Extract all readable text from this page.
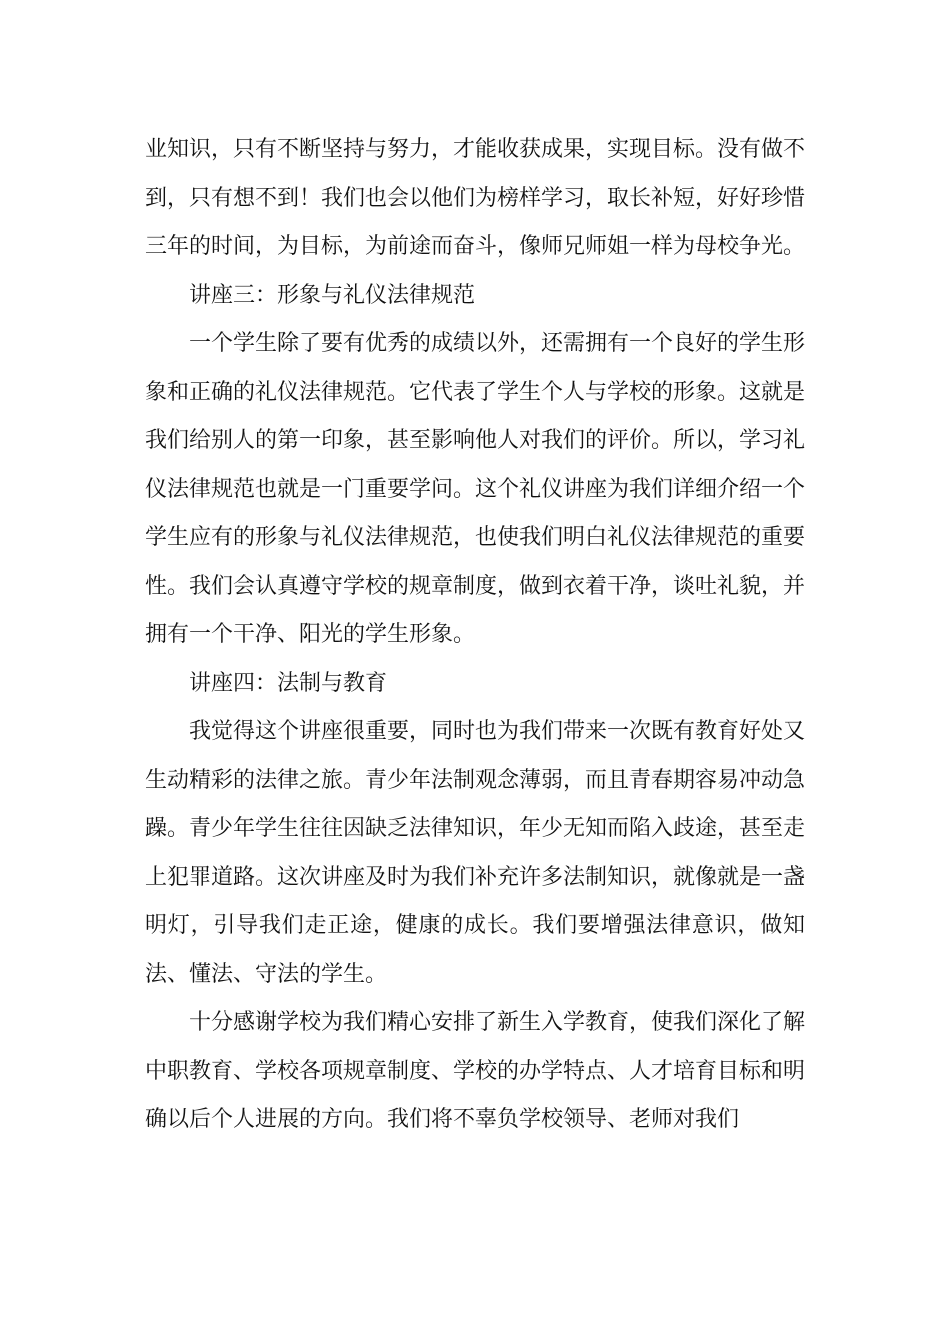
业知识，只有不断坚持与努力，才能收获成果，实现目标。没有做不到，只有想不到！我们也会以他们为榜样学习，取长补短，好好珍惜三年的时间，为目标，为前途而奋斗，像师兄师姐一样为母校争光。

讲座三：形象与礼仪法律规范

一个学生除了要有优秀的成绩以外，还需拥有一个良好的学生形象和正确的礼仪法律规范。它代表了学生个人与学校的形象。这就是我们给别人的第一印象，甚至影响他人对我们的评价。所以，学习礼仪法律规范也就是一门重要学问。这个礼仪讲座为我们详细介绍一个学生应有的形象与礼仪法律规范，也使我们明白礼仪法律规范的重要性。我们会认真遵守学校的规章制度，做到衣着干净，谈吐礼貌，并拥有一个干净、阳光的学生形象。

讲座四：法制与教育

我觉得这个讲座很重要，同时也为我们带来一次既有教育好处又生动精彩的法律之旅。青少年法制观念薄弱，而且青春期容易冲动急躁。青少年学生往往因缺乏法律知识，年少无知而陷入歧途，甚至走上犯罪道路。这次讲座及时为我们补充许多法制知识，就像就是一盏明灯，引导我们走正途，健康的成长。我们要增强法律意识，做知法、懂法、守法的学生。

十分感谢学校为我们精心安排了新生入学教育，使我们深化了解中职教育、学校各项规章制度、学校的办学特点、人才培育目标和明确以后个人进展的方向。我们将不辜负学校领导、老师对我们
